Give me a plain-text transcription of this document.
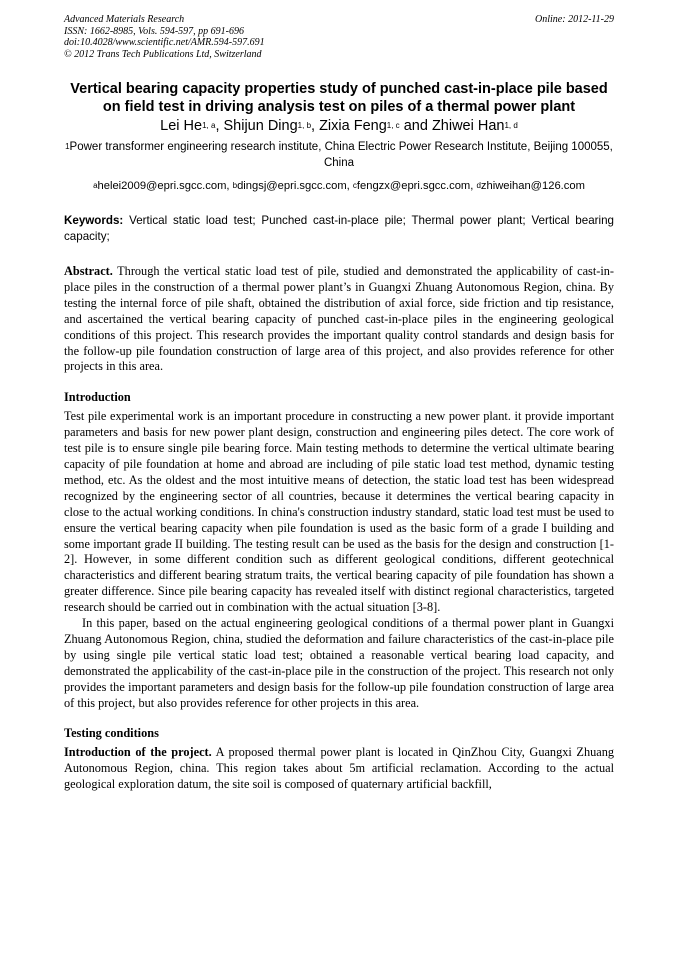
Advanced Materials Research
ISSN: 1662-8985, Vols. 594-597, pp 691-696
doi:10.4028/www.scientific.net/AMR.594-597.691
© 2012 Trans Tech Publications Ltd, Switzerland
Online: 2012-11-29
Vertical bearing capacity properties study of punched cast-in-place pile based on field test in driving analysis test on piles of a thermal power plant
Lei He$^{1, a}$, Shijun Ding$^{1, b}$, Zixia Feng$^{1, c}$ and Zhiwei Han$^{1, d}$
$^1$Power transformer engineering research institute, China Electric Power Research Institute, Beijing 100055, China
$^a$helei2009@epri.sgcc.com, $^b$dingsj@epri.sgcc.com, $^c$fengzx@epri.sgcc.com, $^d$zhiweihan@126.com
Keywords: Vertical static load test; Punched cast-in-place pile; Thermal power plant; Vertical bearing capacity;
Abstract. Through the vertical static load test of pile, studied and demonstrated the applicability of cast-in-place piles in the construction of a thermal power plant’s in Guangxi Zhuang Autonomous Region, china. By testing the internal force of pile shaft, obtained the distribution of axial force, side friction and tip resistance, and ascertained the vertical bearing capacity of punched cast-in-place piles in the engineering geological conditions of this project. This research provides the important quality control standards and design basis for the follow-up pile foundation construction of large area of this project, and also provides reference for other projects in this area.
Introduction

Test pile experimental work is an important procedure in constructing a new power plant. it provide important parameters and basis for new power plant design, construction and engineering piles detect. The core work of test pile is to ensure single pile bearing force. Main testing methods to determine the vertical ultimate bearing capacity of pile foundation at home and abroad are including of pile static load test method, dynamic testing method, etc. As the oldest and the most intuitive means of detection, the static load test has been widespread recognized by the engineering sector of all countries, because it determines the vertical bearing capacity in close to the actual working conditions. In china's construction industry standard, static load test must be used to ensure the vertical bearing capacity when pile foundation is used as the basic form of a grade I building and some important grade II building. The testing result can be used as the basis for the design and construction [1-2]. However, in some different condition such as different geological conditions, different geotechnical characteristics and different bearing stratum traits, the vertical bearing capacity of pile foundation has shown a greater difference. Since pile bearing capacity has revealed itself with distinct regional characteristics, targeted research should be carried out in combination with the actual situation [3-8].

In this paper, based on the actual engineering geological conditions of a thermal power plant in Guangxi Zhuang Autonomous Region, china, studied the deformation and failure characteristics of the cast-in-place pile by using single pile vertical static load test; obtained a reasonable vertical bearing load capacity, and demonstrated the applicability of the cast-in-place pile in the construction of the project. This research not only provides the important parameters and design basis for the follow-up pile foundation construction of large area of this project, but also provides reference for other projects in this area.

Testing conditions
Introduction of the project. A proposed thermal power plant is located in QinZhou City, Guangxi Zhuang Autonomous Region, china. This region takes about 5m artificial reclamation. According to the actual geological exploration datum, the site soil is composed of quaternary artificial backfill,
